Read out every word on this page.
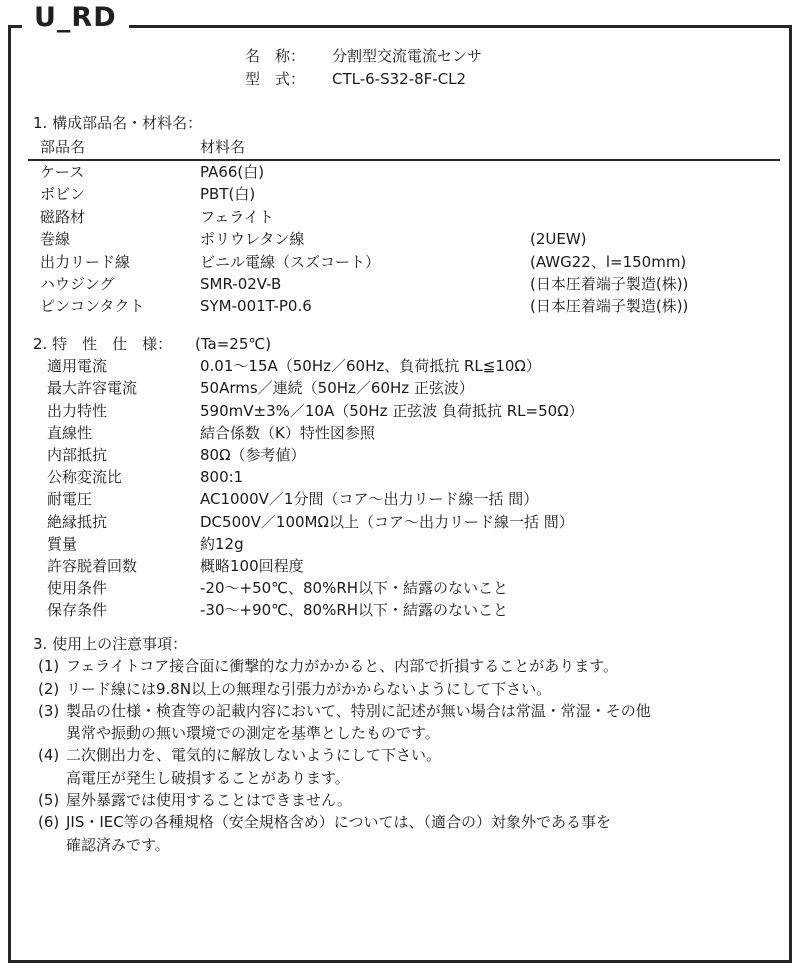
U_RD
名　称：	分割型交流電流センサ
型　式：	CTL-6-S32-8F-CL2
1. 構成部品名・材料名：
部品名	材料名
ケース	PA66(白)
ボビン	PBT(白)
磁路材	フェライト
巻線	ポリウレタン線	(2UEW)
出力リード線	ビニル電線（スズコート）	(AWG22、l=150mm)
ハウジング	SMR-02V-B	(日本圧着端子製造(株))
ピンコンタクト	SYM-001T-P0.6	(日本圧着端子製造(株))
2. 特　性　仕　様：	(Ta=25℃)
適用電流	0.01～15A（50Hz／60Hz、負荷抵抗 RL≦10Ω）
最大許容電流	50Arms／連続（50Hz／60Hz 正弦波）
出力特性	590mV±3%／10A（50Hz 正弦波 負荷抵抗 RL=50Ω）
直線性	結合係数（K）特性図参照
内部抵抗	80Ω（参考値）
公称変流比	800:1
耐電圧	AC1000V／1分間（コア～出力リード線一括 間）
絶縁抵抗	DC500V／100MΩ以上（コア～出力リード線一括 間）
質量	約12g
許容脱着回数	概略100回程度
使用条件	-20～+50℃、80%RH以下・結露のないこと
保存条件	-30～+90℃、80%RH以下・結露のないこと
3. 使用上の注意事項：
(1) フェライトコア接合面に衝撃的な力がかかると、内部で折損することがあります。
(2) リード線には9.8N以上の無理な引張力がかからないようにして下さい。
(3) 製品の仕様・検査等の記載内容において、特別に記述が無い場合は常温・常湿・その他
異常や振動の無い環境での測定を基準としたものです。
(4) 二次側出力を、電気的に解放しないようにして下さい。
高電圧が発生し破損することがあります。
(5) 屋外暴露では使用することはできません。
(6) JIS・IEC等の各種規格（安全規格含め）については、（適合の）対象外である事を
確認済みです。
